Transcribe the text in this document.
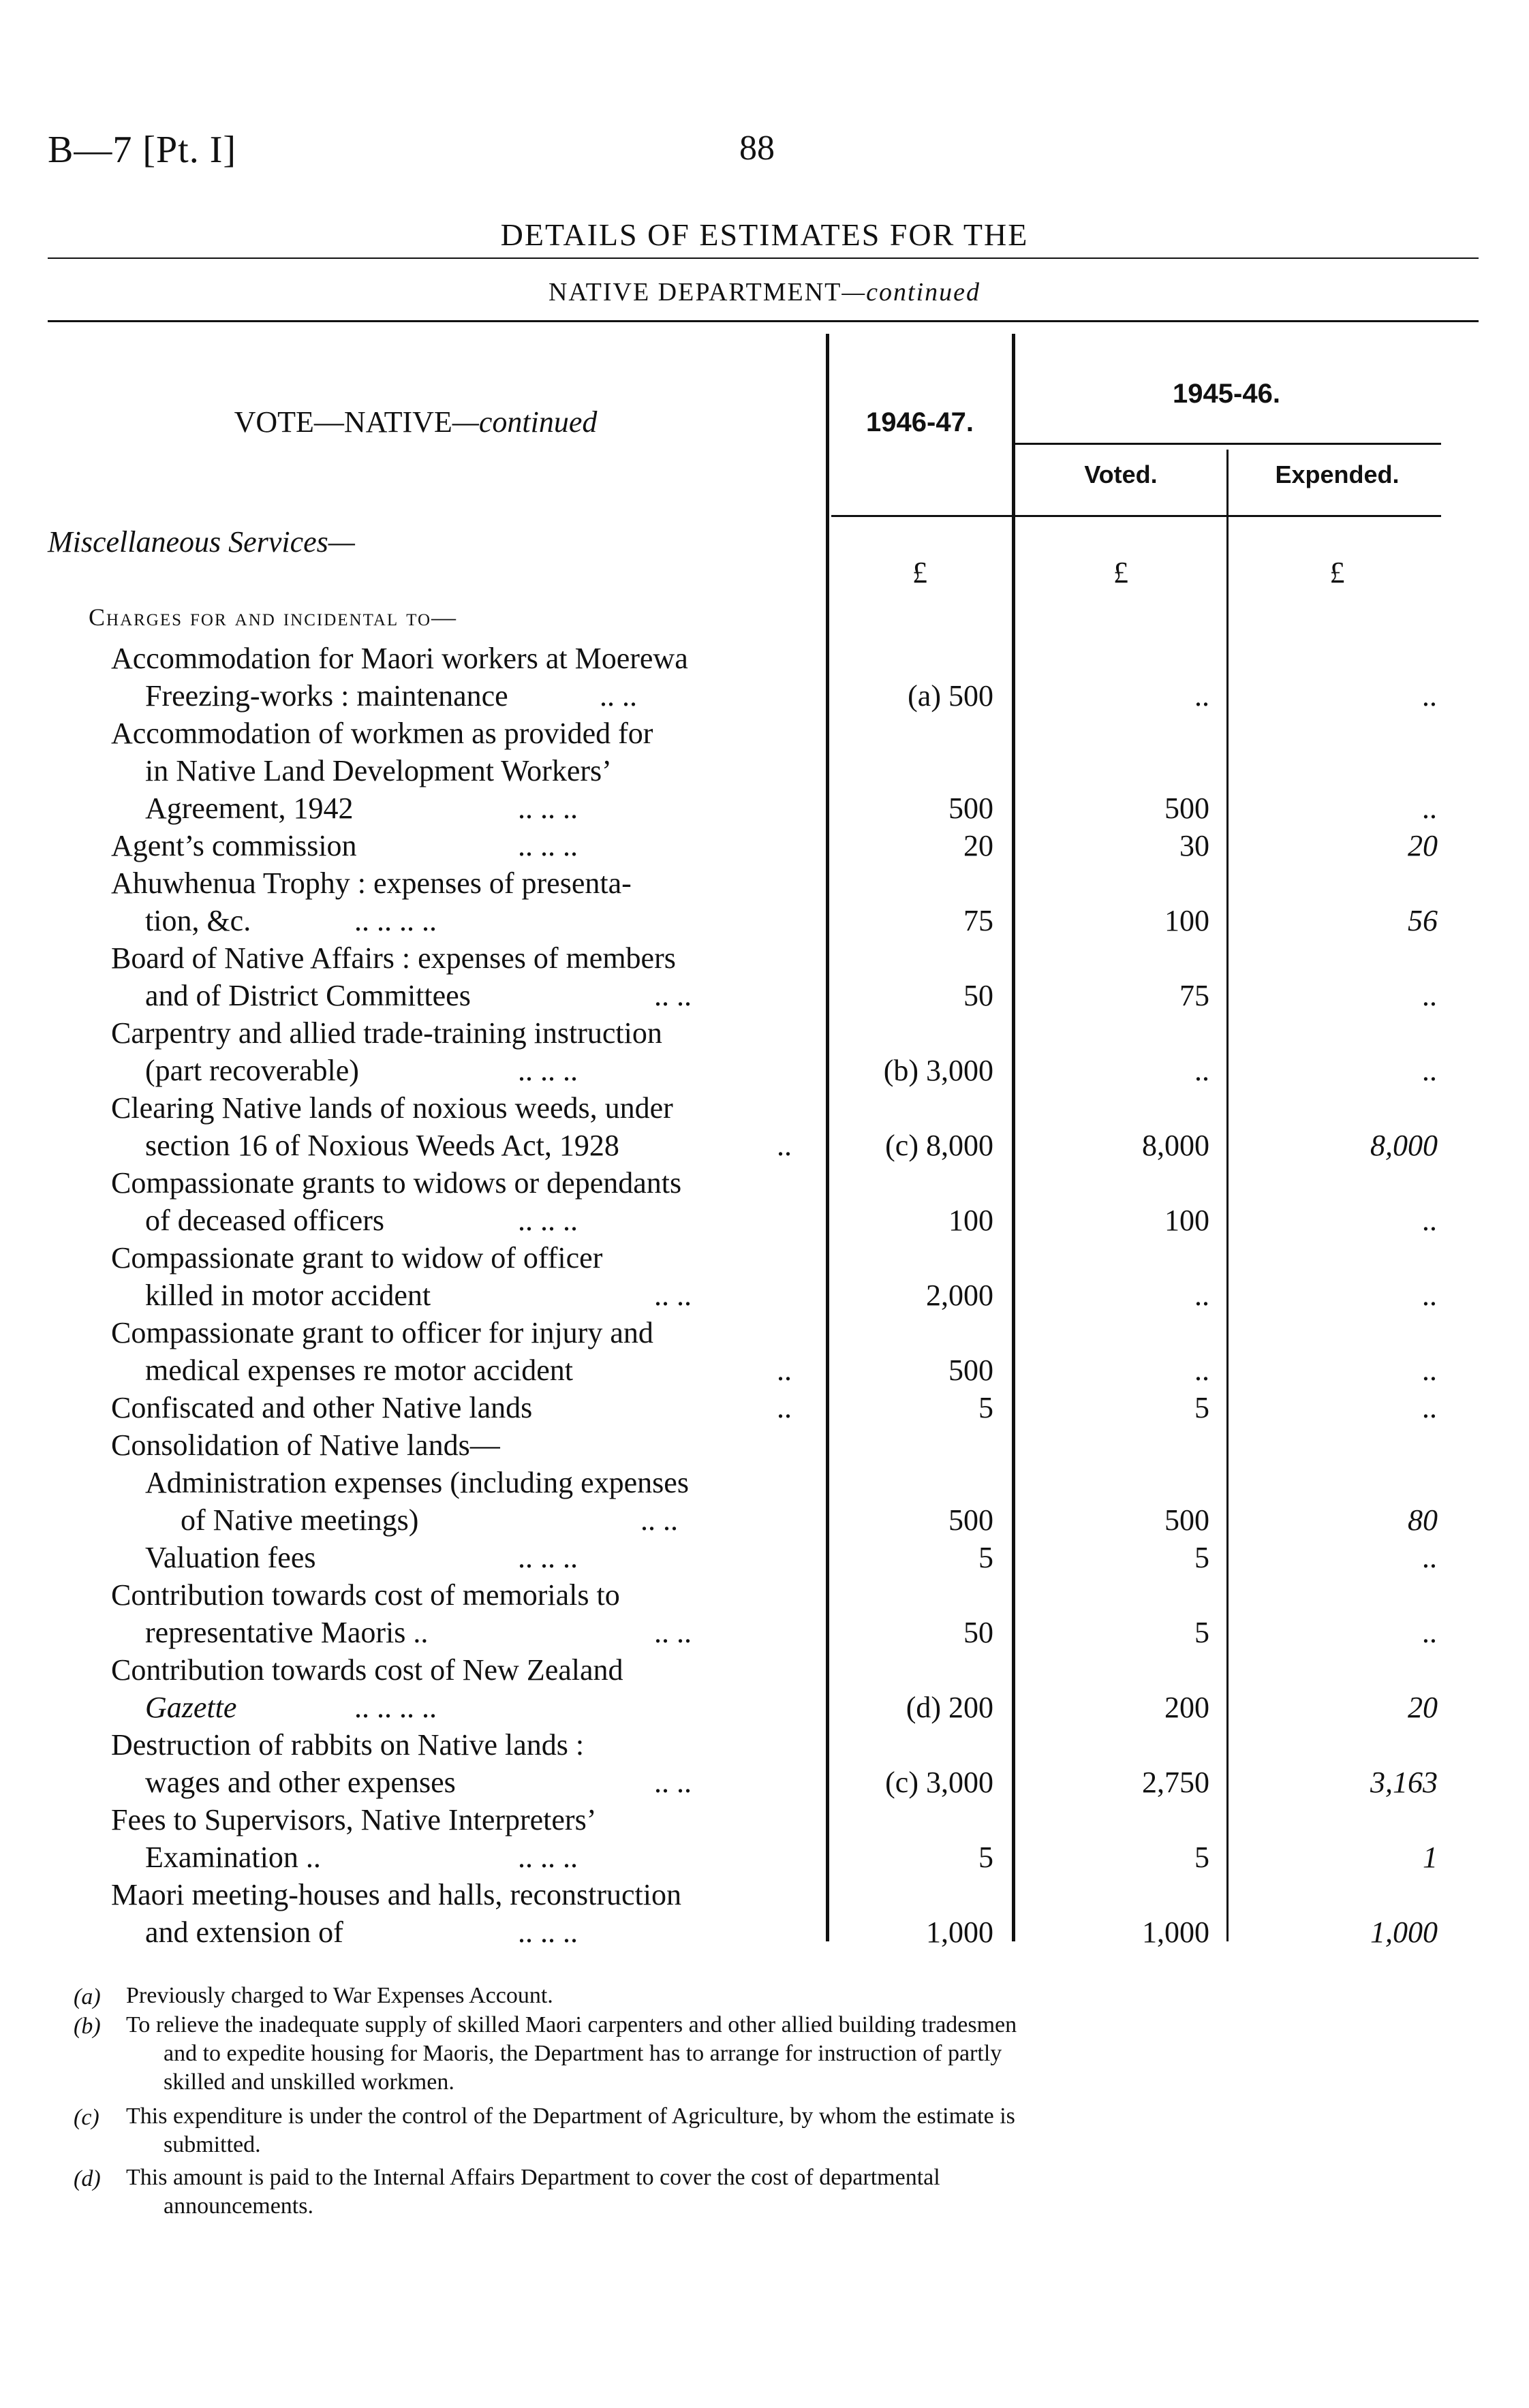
B—7 [Pt. I]	88
DETAILS OF ESTIMATES FOR THE
NATIVE DEPARTMENT—continued
VOTE—NATIVE—continued	1946-47.
1945-46.
Voted.	Expended.
£	£	£
Miscellaneous Services—
Charges for and incidental to—
Accommodation for Maori workers at Moerewa
Freezing-works : maintenance	.. ..	(a) 500	..	..
Accommodation of workmen as provided for
in Native Land Development Workers’
Agreement, 1942	.. .. ..	500	500	..
Agent’s commission	.. .. ..	20	30	20
Ahuwhenua Trophy : expenses of presenta-
tion, &c.	.. .. .. ..	75	100	56
Board of Native Affairs : expenses of members
and of District Committees	.. ..	50	75	..
Carpentry and allied trade-training instruction
(part recoverable)	.. .. ..	(b) 3,000	..	..
Clearing Native lands of noxious weeds, under
section 16 of Noxious Weeds Act, 1928	..	(c) 8,000	8,000	8,000
Compassionate grants to widows or dependants
of deceased officers	.. .. ..	100	100	..
Compassionate grant to widow of officer
killed in motor accident	.. ..	2,000	..	..
Compassionate grant to officer for injury and
medical expenses re motor accident	..	500	..	..
Confiscated and other Native lands	..	5	5	..
Consolidation of Native lands—
Administration expenses (including expenses
of Native meetings)	.. ..	500	500	80
Valuation fees	.. .. ..	5	5	..
Contribution towards cost of memorials to
representative Maoris ..	.. ..	50	5	..
Contribution towards cost of New Zealand
Gazette	.. .. .. ..	(d) 200	200	20
Destruction of rabbits on Native lands :
wages and other expenses	.. ..	(c) 3,000	2,750	3,163
Fees to Supervisors, Native Interpreters’
Examination ..	.. .. ..	5	5	1
Maori meeting-houses and halls, reconstruction
and extension of	.. .. ..	1,000	1,000	1,000
(a)	Previously charged to War Expenses Account.
(b)	To relieve the inadequate supply of skilled Maori carpenters and other allied building tradesmen
and to expedite housing for Maoris, the Department has to arrange for instruction of partly
skilled and unskilled workmen.
(c)	This expenditure is under the control of the Department of Agriculture, by whom the estimate is
submitted.
(d)	This amount is paid to the Internal Affairs Department to cover the cost of departmental
announcements.
